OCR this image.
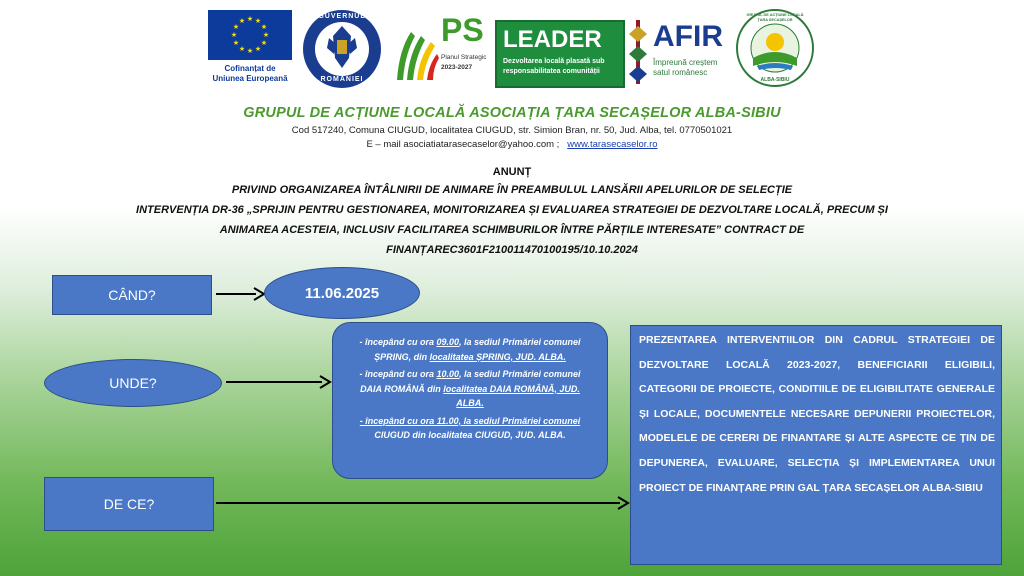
★ ★
★
★
★
★
★
★
★
★
★
★
Cofinanțat de
Uniunea Europeană
GUVERNUL
ROMÂNIEI
PS
Planul Strategic
2023-2027
LEADER
Dezvoltarea locală plasată sub
responsabilitatea comunității
AFIR
Împreună creștem
satul românesc
GRUPUL DE ACȚIUNE LOCALĂ ȚARA SECAȘELOR
ALBA-SIBIU
GRUPUL DE ACȚIUNE LOCALĂ ASOCIAȚIA ȚARA SECAȘELOR ALBA-SIBIU
Cod 517240, Comuna CIUGUD, localitatea CIUGUD, str. Simion Bran, nr. 50, Jud. Alba, tel. 0770501021
E – mail asociatiatarasecaselor@yahoo.com ; www.tarasecaselor.ro
ANUNȚ
PRIVIND ORGANIZAREA ÎNTÂLNIRII DE ANIMARE ÎN PREAMBULUL LANSĂRII APELURILOR DE SELECȚIE
INTERVENȚIA DR-36 „SPRIJIN PENTRU GESTIONAREA, MONITORIZAREA ȘI EVALUAREA STRATEGIEI DE DEZVOLTARE LOCALĂ, PRECUM ȘI
ANIMAREA ACESTEIA, INCLUSIV FACILITAREA SCHIMBURILOR ÎNTRE PĂRȚILE INTERESATE” CONTRACT DE
FINANȚAREC3601F210011470100195/10.10.2024
CÂND?	11.06.2025
UNDE?
- începând cu ora 09.00, la sediul Primăriei comunei
ȘPRING, din localitatea ȘPRING, JUD. ALBA.
- începând cu ora 10.00, la sediul Primăriei comunei
DAIA ROMÂNĂ din localitatea DAIA ROMÂNĂ, JUD.
ALBA.
- începând cu ora 11.00, la sediul Primăriei comunei
CIUGUD din localitatea CIUGUD, JUD. ALBA.
DE CE?
PREZENTAREA INTERVENTIILOR DIN CADRUL STRATEGIEI DE DEZVOLTARE LOCALĂ 2023-2027, BENEFICIARII ELIGIBILI, CATEGORII DE PROIECTE, CONDITIILE DE ELIGIBILITATE GENERALE ȘI LOCALE, DOCUMENTELE NECESARE DEPUNERII PROIECTELOR, MODELELE DE CERERI DE FINANTARE ȘI ALTE ASPECTE CE ȚIN DE DEPUNEREA, EVALUARE, SELECȚIA ȘI IMPLEMENTAREA UNUI PROIECT DE FINANȚARE PRIN GAL ȚARA SECAȘELOR ALBA-SIBIU
